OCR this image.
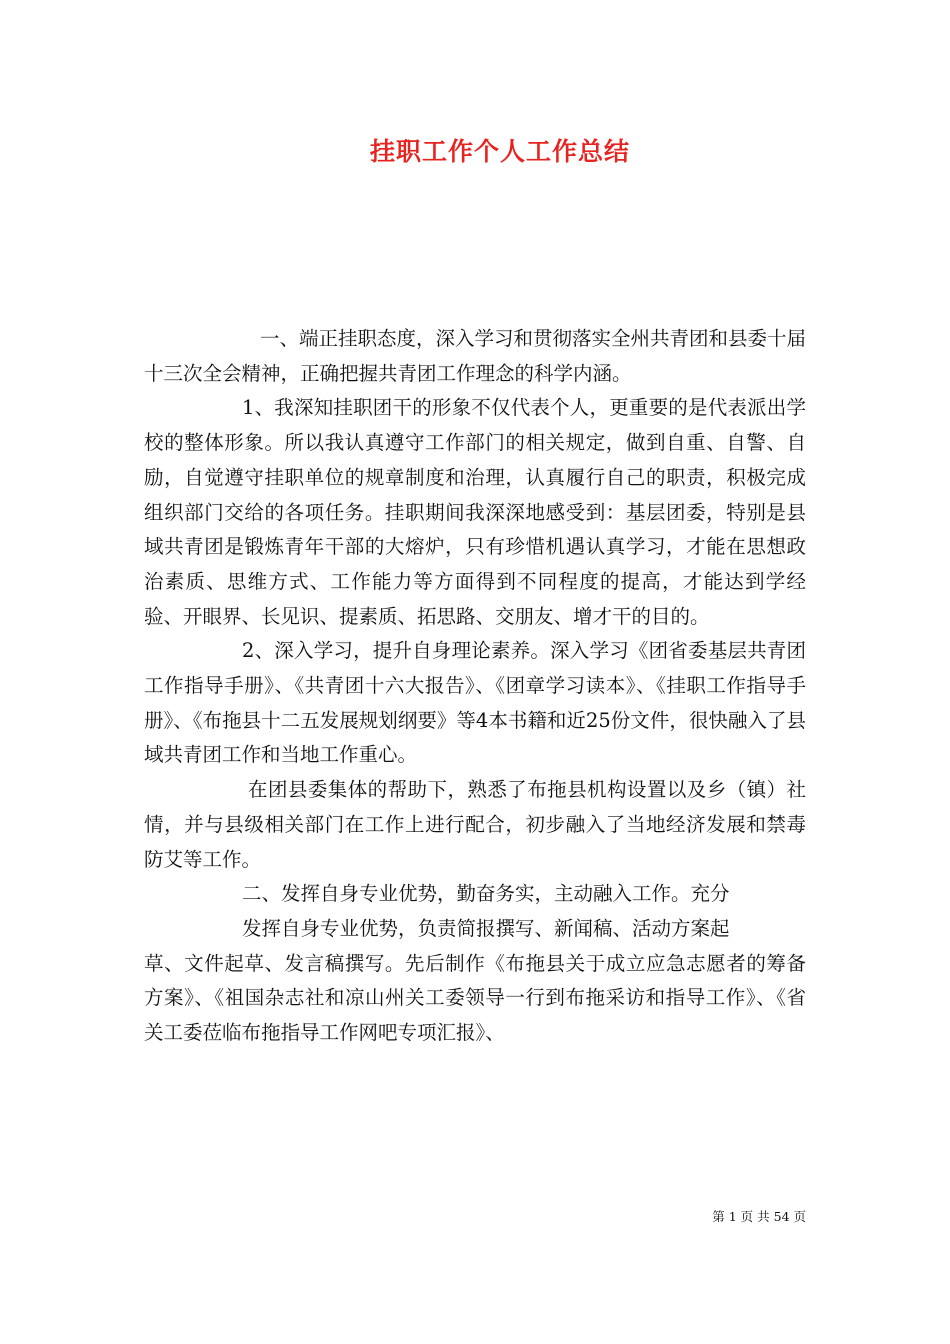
挂职工作个人工作总结

一、端正挂职态度，深入学习和贯彻落实全州共青团和县委十届十三次全会精神，正确把握共青团工作理念的科学内涵。

1、我深知挂职团干的形象不仅代表个人，更重要的是代表派出学校的整体形象。所以我认真遵守工作部门的相关规定，做到自重、自警、自励，自觉遵守挂职单位的规章制度和治理，认真履行自己的职责，积极完成组织部门交给的各项任务。挂职期间我深深地感受到：基层团委，特别是县域共青团是锻炼青年干部的大熔炉，只有珍惜机遇认真学习，才能在思想政治素质、思维方式、工作能力等方面得到不同程度的提高，才能达到学经验、开眼界、长见识、提素质、拓思路、交朋友、增才干的目的。

2、深入学习，提升自身理论素养。深入学习《团省委基层共青团工作指导手册》、《共青团十六大报告》、《团章学习读本》、《挂职工作指导手册》、《布拖县十二五发展规划纲要》等4本书籍和近25份文件，很快融入了县域共青团工作和当地工作重心。

在团县委集体的帮助下，熟悉了布拖县机构设置以及乡（镇）社情，并与县级相关部门在工作上进行配合，初步融入了当地经济发展和禁毒防艾等工作。

二、发挥自身专业优势，勤奋务实，主动融入工作。充分

发挥自身专业优势，负责简报撰写、新闻稿、活动方案起
草、文件起草、发言稿撰写。先后制作《布拖县关于成立应急志愿者的筹备方案》、《祖国杂志社和凉山州关工委领导一行到布拖采访和指导工作》、《省关工委莅临布拖指导工作网吧专项汇报》、

第 1 页 共 54 页
